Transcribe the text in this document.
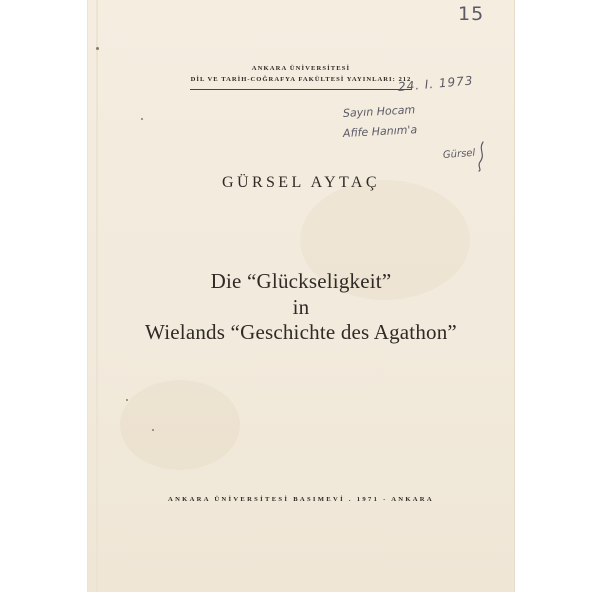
ANKARA ÜNİVERSİTESİ
DİL VE TARİH-COĞRAFYA FAKÜLTESİ YAYINLARI: 212
GÜRSEL AYTAÇ
Die “Glückseligkeit”
in
Wielands “Geschichte des Agathon”
ANKARA ÜNİVERSİTESİ BASIMEVİ . 1971 - ANKARA
15
24. I. 1973
Sayın Hocam
Afife Hanım'a
Gürsel
